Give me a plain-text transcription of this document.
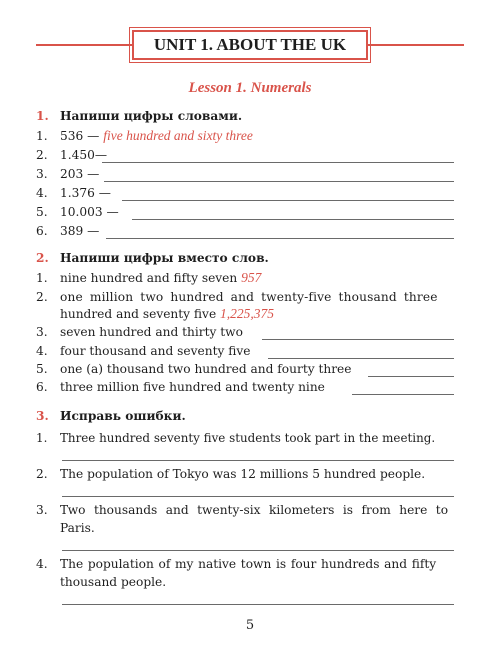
UNIT 1. ABOUT THE UK
Lesson 1. Numerals
1. Напиши цифры словами.
1. 536 — five hundred and sixty three
2. 1.450—
3. 203 —
4. 1.376 —
5. 10.003 —
6. 389 —
2. Напиши цифры вместо слов.
1. nine hundred and fifty seven 957
2. one million two hundred and twenty-five thousand three
hundred and seventy five 1,225,375
3. seven hundred and thirty two
4. four thousand and seventy five
5. one (a) thousand two hundred and fourty three
6. three million five hundred and twenty nine
3. Исправь ошибки.
1. Three hundred seventy five students took part in the meeting.
2. The population of Tokyo was 12 millions 5 hundred people.
3. Two thousands and twenty-six kilometers is from here to
Paris.
4. The population of my native town is four hundreds and fifty
thousand people.
5
